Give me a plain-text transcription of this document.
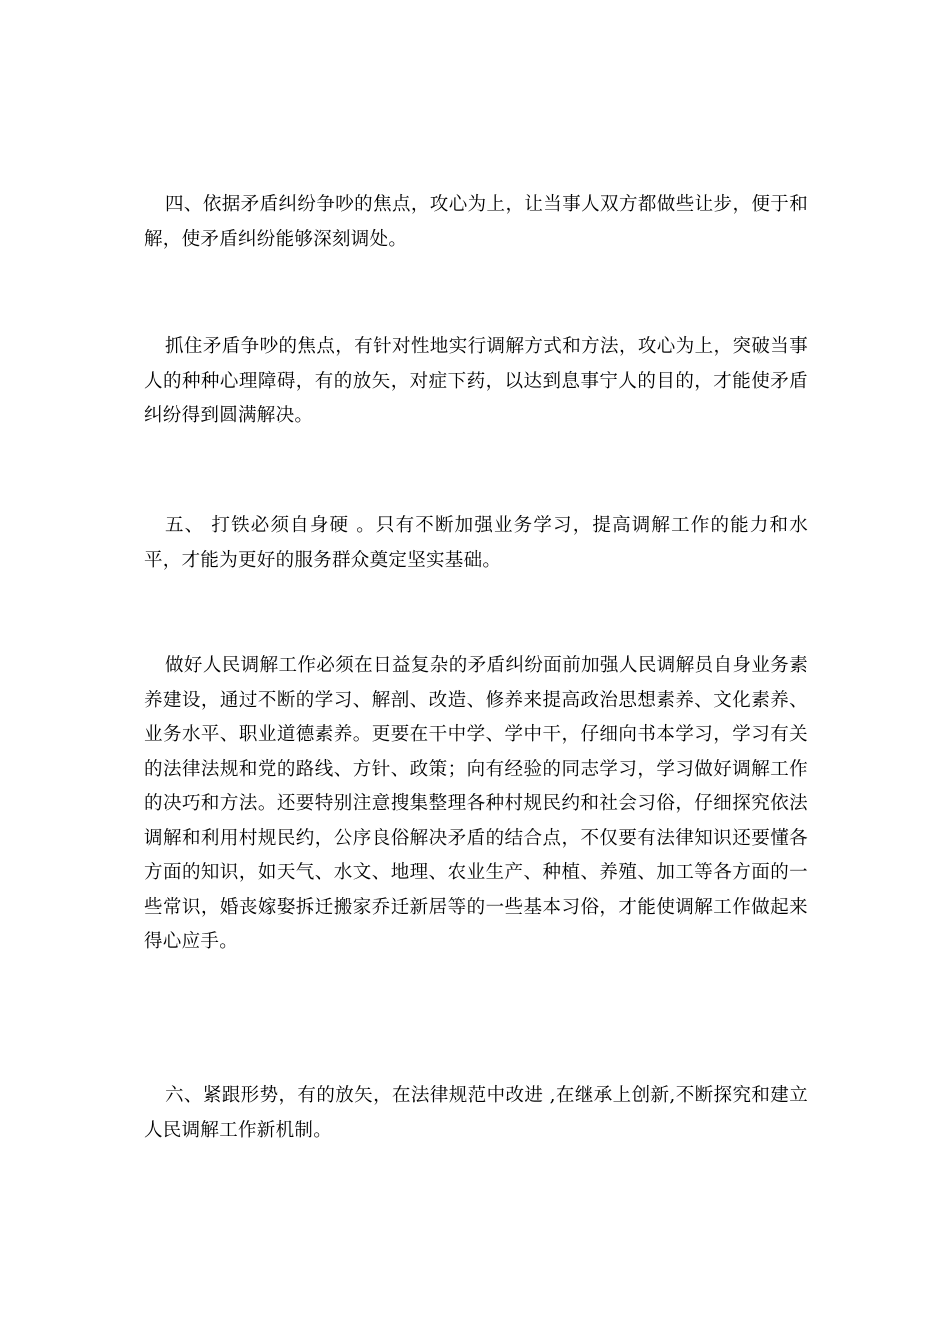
四、依据矛盾纠纷争吵的焦点，攻心为上，让当事人双方都做些让步，便于和解，使矛盾纠纷能够深刻调处。

抓住矛盾争吵的焦点，有针对性地实行调解方式和方法，攻心为上，突破当事人的种种心理障碍，有的放矢，对症下药，以达到息事宁人的目的，才能使矛盾纠纷得到圆满解决。

五、 打铁必须自身硬 。只有不断加强业务学习，提高调解工作的能力和水平，才能为更好的服务群众奠定坚实基础。

做好人民调解工作必须在日益复杂的矛盾纠纷面前加强人民调解员自身业务素养建设，通过不断的学习、解剖、改造、修养来提高政治思想素养、文化素养、业务水平、职业道德素养。更要在干中学、学中干，仔细向书本学习，学习有关的法律法规和党的路线、方针、政策；向有经验的同志学习，学习做好调解工作的决巧和方法。还要特别注意搜集整理各种村规民约和社会习俗，仔细探究依法调解和利用村规民约，公序良俗解决矛盾的结合点，不仅要有法律知识还要懂各方面的知识，如天气、水文、地理、农业生产、种植、养殖、加工等各方面的一些常识，婚丧嫁娶拆迁搬家乔迁新居等的一些基本习俗，才能使调解工作做起来得心应手。

六、紧跟形势，有的放矢，在法律规范中改进 ,在继承上创新,不断探究和建立人民调解工作新机制。
